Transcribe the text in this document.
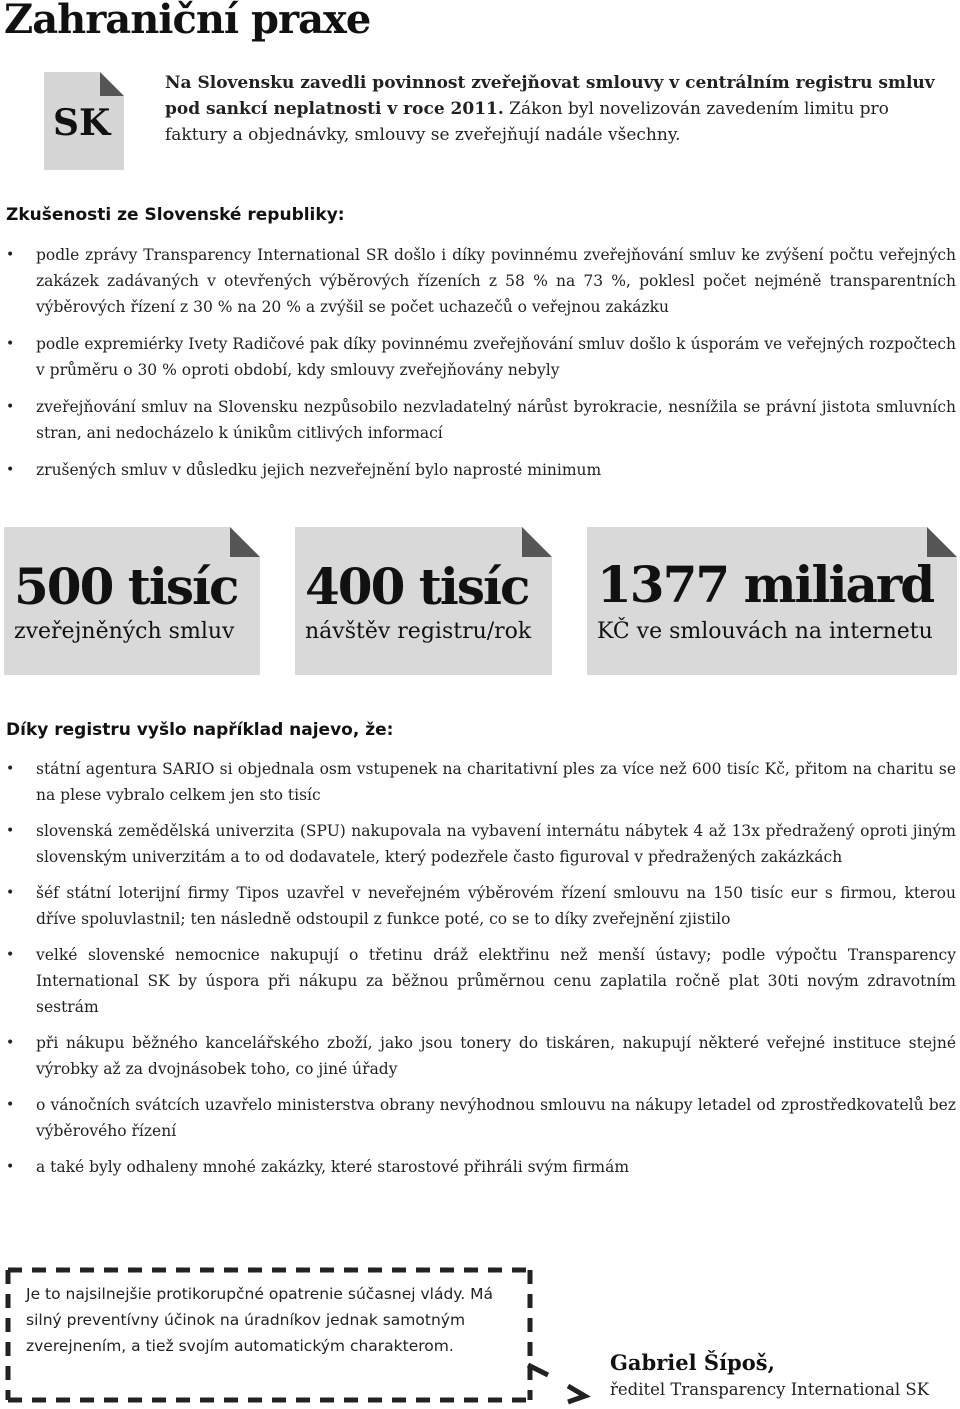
Zahraniční praxe
SK
Na Slovensku zavedli povinnost zveřejňovat smlouvy v centrálním registru smluv pod sankcí neplatnosti v roce 2011. Zákon byl novelizován zavedením limitu pro faktury a objednávky, smlouvy se zveřejňují nadále všechny.
Zkušenosti ze Slovenské republiky:
• podle zprávy Transparency International SR došlo i díky povinnému zveřejňování smluv ke zvýšení počtu veřejných zakázek zadávaných v otevřených výběrových řízeních z 58 % na 73 %, poklesl počet nejméně transparentních výběrových řízení z 30 % na 20 % a zvýšil se počet uchazečů o veřejnou zakázku
• podle expremiérky Ivety Radičové pak díky povinnému zveřejňování smluv došlo k úsporám ve veřejných rozpočtech v průměru o 30 % oproti období, kdy smlouvy zveřejňovány nebyly
• zveřejňování smluv na Slovensku nezpůsobilo nezvladatelný nárůst byrokracie, nesnížila se právní jistota smluvních stran, ani nedocházelo k únikům citlivých informací
• zrušených smluv v důsledku jejich nezveřejnění bylo naprosté minimum
500 tisíc
zveřejněných smluv
400 tisíc
návštěv registru/rok
1377 miliard
KČ ve smlouvách na internetu
Díky registru vyšlo například najevo, že:
• státní agentura SARIO si objednala osm vstupenek na charitativní ples za více než 600 tisíc Kč, přitom na charitu se na plese vybralo celkem jen sto tisíc
• slovenská zemědělská univerzita (SPU) nakupovala na vybavení internátu nábytek 4 až 13x předražený oproti jiným slovenským univerzitám a to od dodavatele, který podezřele často figuroval v předražených zakázkách
• šéf státní loterijní firmy Tipos uzavřel v neveřejném výběrovém řízení smlouvu na 150 tisíc eur s firmou, kterou dříve spoluvlastnil; ten následně odstoupil z funkce poté, co se to díky zveřejnění zjistilo
• velké slovenské nemocnice nakupují o třetinu dráž elektřinu než menší ústavy; podle výpočtu Transparency International SK by úspora při nákupu za běžnou průměrnou cenu zaplatila ročně plat 30ti novým zdravotním sestrám
• při nákupu běžného kancelářského zboží, jako jsou tonery do tiskáren, nakupují některé veřejné instituce stejné výrobky až za dvojnásobek toho, co jiné úřady
• o vánočních svátcích uzavřelo ministerstva obrany nevýhodnou smlouvu na nákupy letadel od zprostředkovatelů bez výběrového řízení
• a také byly odhaleny mnohé zakázky, které starostové přihráli svým firmám
Je to najsilnejšie protikorupčné opatrenie súčasnej vlády. Má silný preventívny účinok na úradníkov jednak samotným zverejnením, a tiež svojím automatickým charakterom.
Gabriel Šípoš,
ředitel Transparency International SK
